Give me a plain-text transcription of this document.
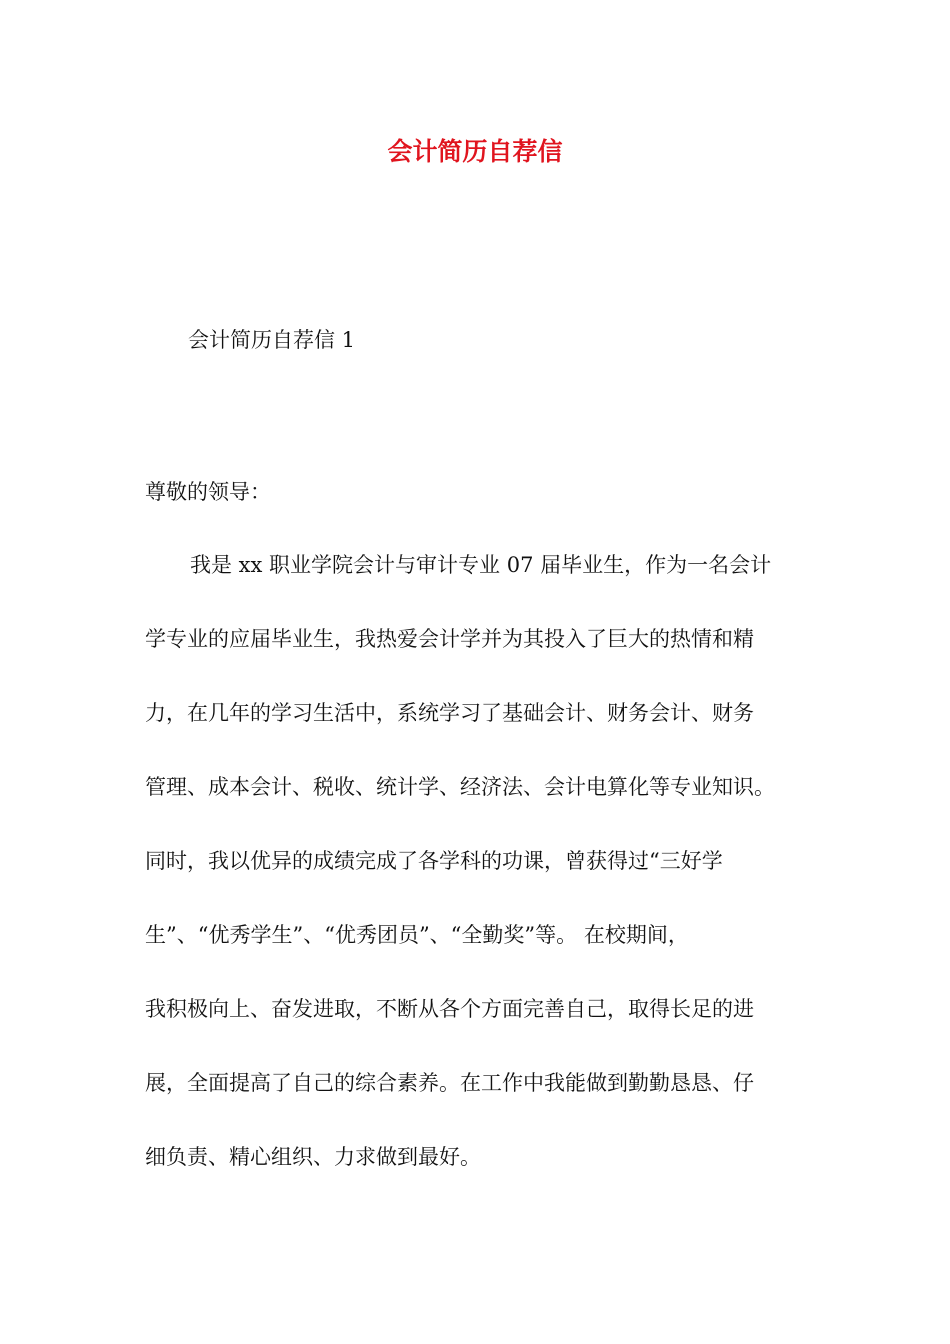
会计简历自荐信

会计简历自荐信 1

尊敬的领导：

我是 xx 职业学院会计与审计专业 07 届毕业生，作为一名会计
学专业的应届毕业生，我热爱会计学并为其投入了巨大的热情和精
力，在几年的学习生活中，系统学习了基础会计、财务会计、财务
管理、成本会计、税收、统计学、经济法、会计电算化等专业知识。
同时，我以优异的成绩完成了各学科的功课，曾获得过“三好学
生”、“优秀学生”、“优秀团员”、“全勤奖”等。 在校期间，
我积极向上、奋发进取，不断从各个方面完善自己，取得长足的进
展，全面提高了自己的综合素养。在工作中我能做到勤勤恳恳、仔
细负责、精心组织、力求做到最好。
